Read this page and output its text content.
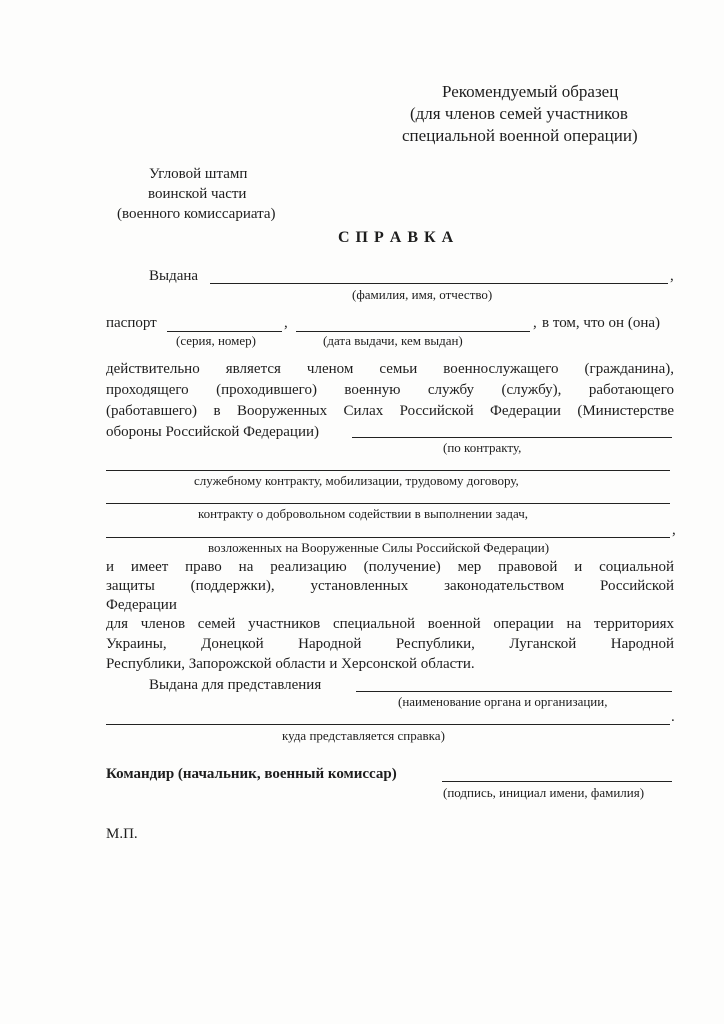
Рекомендуемый образец
(для членов семей участников
специальной военной операции)
Угловой штамп
воинской части
(военного комиссариата)
С П Р А В К А
Выдана	,
(фамилия, имя, отчество)
паспорт	,	, в том, что он (она)
(серия, номер)	(дата выдачи, кем выдан)
действительно является членом семьи военнослужащего (гражданина),
проходящего (проходившего) военную службу (службу), работающего
(работавшего) в Вооруженных Силах Российской Федерации (Министерстве
обороны Российской Федерации)
(по контракту,
служебному контракту, мобилизации, трудовому договору,
контракту о добровольном содействии в выполнении задач,
,
возложенных на Вооруженные Силы Российской Федерации)
и имеет право на реализацию (получение) мер правовой и социальной
защиты (поддержки), установленных законодательством Российской
Федерации
для членов семей участников специальной военной операции на территориях
Украины, Донецкой Народной Республики, Луганской Народной
Республики, Запорожской области и Херсонской области.
Выдана для представления
(наименование органа и организации,
.
куда представляется справка)
Командир (начальник, военный комиссар)
(подпись, инициал имени, фамилия)
М.П.
